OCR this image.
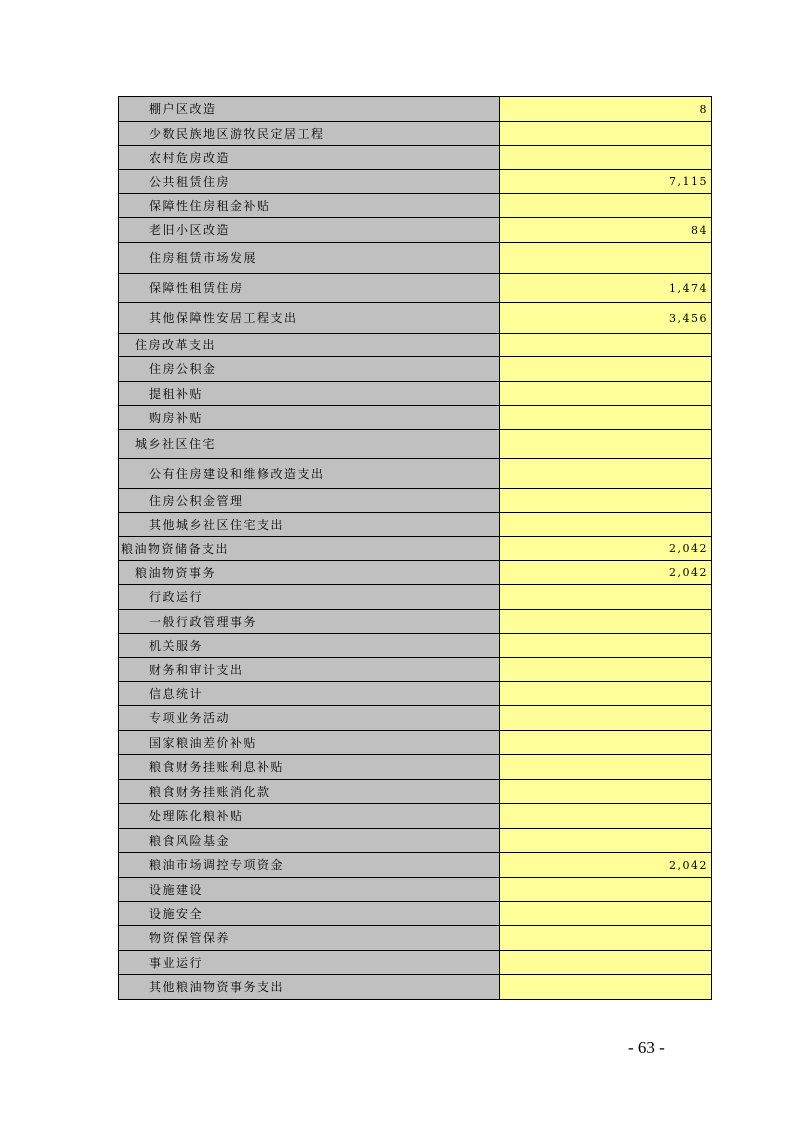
棚户区改造	8
少数民族地区游牧民定居工程	
农村危房改造	
公共租赁住房	7,115
保障性住房租金补贴	
老旧小区改造	84
住房租赁市场发展	
保障性租赁住房	1,474
其他保障性安居工程支出	3,456
住房改革支出	
住房公积金	
提租补贴	
购房补贴	
城乡社区住宅	
公有住房建设和维修改造支出	
住房公积金管理	
其他城乡社区住宅支出	
粮油物资储备支出	2,042
粮油物资事务	2,042
行政运行	
一般行政管理事务	
机关服务	
财务和审计支出	
信息统计	
专项业务活动	
国家粮油差价补贴	
粮食财务挂账利息补贴	
粮食财务挂账消化款	
处理陈化粮补贴	
粮食风险基金	
粮油市场调控专项资金	2,042
设施建设	
设施安全	
物资保管保养	
事业运行	
其他粮油物资事务支出	
- 63 -
